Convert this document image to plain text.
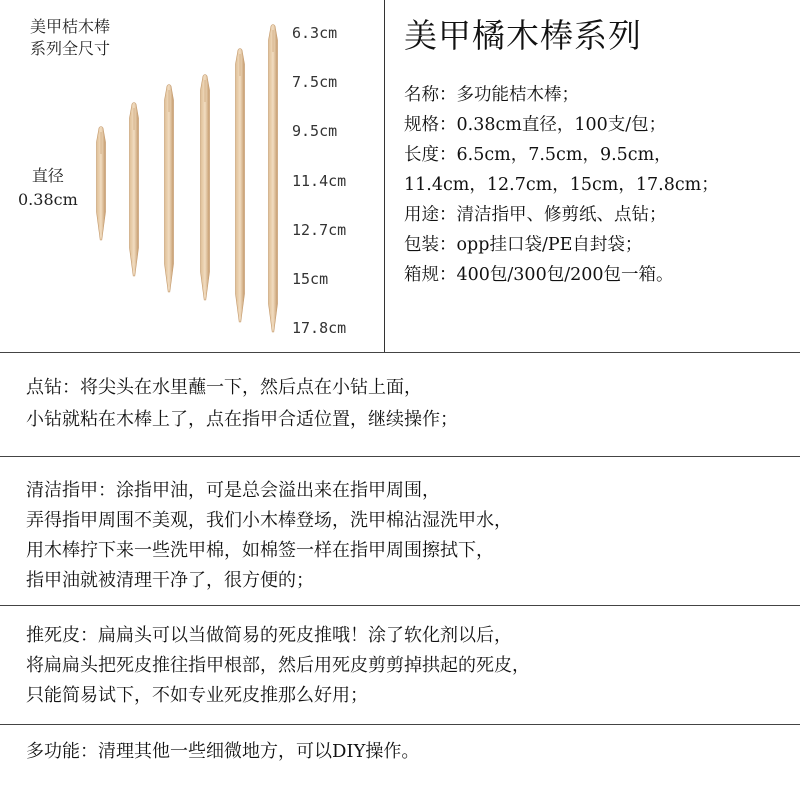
美甲桔木棒
系列全尺寸
直径
0.38cm
6.3cm
7.5cm
9.5cm
11.4cm
12.7cm
15cm
17.8cm
美甲橘木棒系列
名称：多功能桔木棒；
规格：0.38cm直径，100支/包；
长度：6.5cm，7.5cm，9.5cm，
11.4cm，12.7cm，15cm，17.8cm；
用途：清洁指甲、修剪纸、点钻；
包装：opp挂口袋/PE自封袋；
箱规：400包/300包/200包一箱。
点钻：将尖头在水里蘸一下，然后点在小钻上面，
小钻就粘在木棒上了，点在指甲合适位置，继续操作；
清洁指甲：涂指甲油，可是总会溢出来在指甲周围，
弄得指甲周围不美观，我们小木棒登场，洗甲棉沾湿洗甲水，
用木棒拧下来一些洗甲棉，如棉签一样在指甲周围擦拭下，
指甲油就被清理干净了，很方便的；
推死皮：扁扁头可以当做简易的死皮推哦！涂了软化剂以后，
将扁扁头把死皮推往指甲根部，然后用死皮剪剪掉拱起的死皮，
只能简易试下，不如专业死皮推那么好用；
多功能：清理其他一些细微地方，可以DIY操作。
